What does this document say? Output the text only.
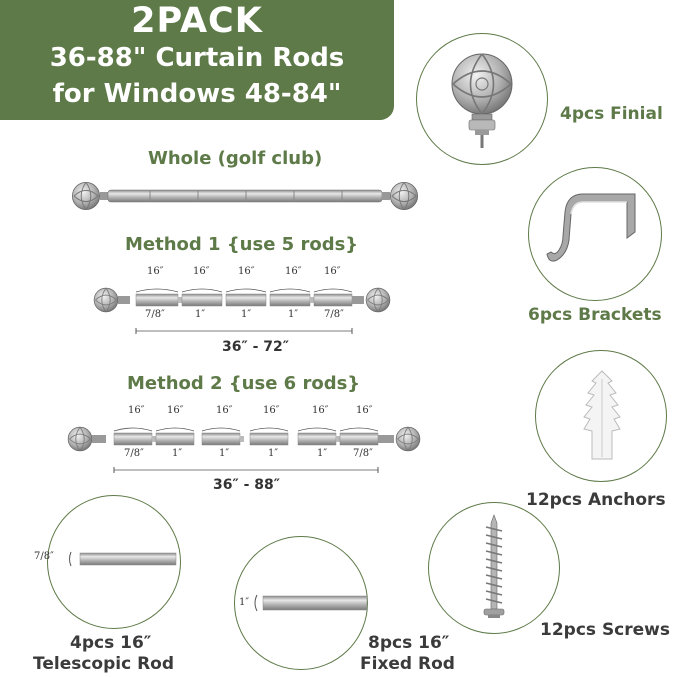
2PACK
36-88" Curtain Rods
for Windows 48-84"
Whole (golf club)
Method 1 {use 5 rods}
16″	16″	16″	16″ 16″
7/8″	1″	1″	1″	7/8″
36″ - 72″
Method 2 {use 6 rods}
16″ 16″	16″	16″	16″	16″
7/8″	1″	1″	1″	1″	7/8″
36″ - 88″
4pcs Finial
6pcs Brackets
12pcs Anchors
12pcs Screws
7/8″
4pcs 16″
Telescopic Rod
1″
8pcs 16″
Fixed Rod
